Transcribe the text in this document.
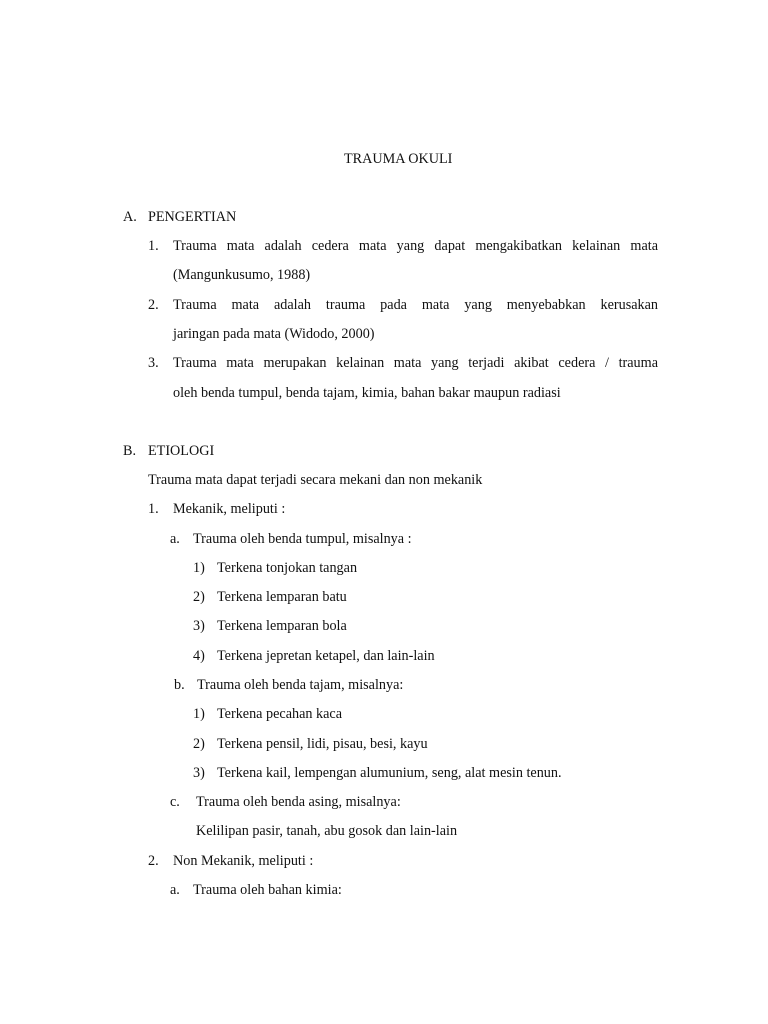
TRAUMA OKULI
A. PENGERTIAN
1. Trauma mata adalah cedera mata yang dapat mengakibatkan kelainan mata
(Mangunkusumo, 1988)
2. Trauma mata adalah trauma pada mata yang menyebabkan kerusakan
jaringan pada mata (Widodo, 2000)
3. Trauma mata merupakan kelainan mata yang terjadi akibat cedera / trauma
oleh benda tumpul, benda tajam, kimia, bahan bakar maupun radiasi
B. ETIOLOGI
Trauma mata dapat terjadi secara mekani dan non mekanik
1. Mekanik, meliputi :
a. Trauma oleh benda tumpul, misalnya :
1) Terkena tonjokan tangan
2) Terkena lemparan batu
3) Terkena lemparan bola
4) Terkena jepretan ketapel, dan lain-lain
b. Trauma oleh benda tajam, misalnya:
1) Terkena pecahan kaca
2) Terkena pensil, lidi, pisau, besi, kayu
3) Terkena kail, lempengan alumunium, seng, alat mesin tenun.
c. Trauma oleh benda asing, misalnya:
Kelilipan pasir, tanah, abu gosok dan lain-lain
2. Non Mekanik, meliputi :
a. Trauma oleh bahan kimia:
